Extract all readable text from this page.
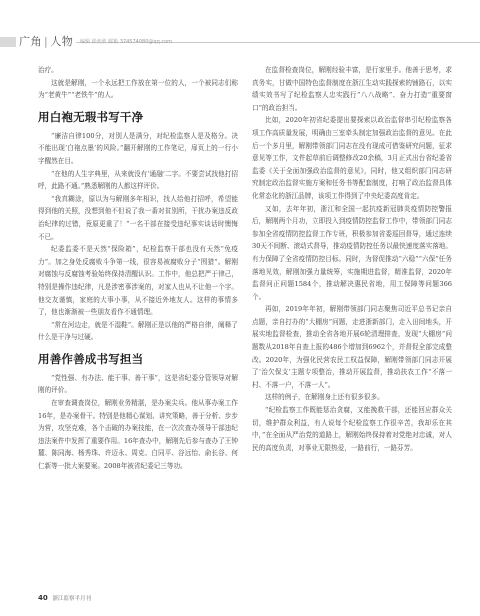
广角 | 人物	编辑 徐奕欣 邮箱 374574080@qq.com

治疗。

这就是解刚，一个永远把工作放在第一位的人，一个被同志们称为“老黄牛”“老铁牛”的人。

用白袍无瑕书写干净

“廉洁自律100分，对别人是满分，对纪检监察人是及格分。决不能出现‘白袍点墨’的风险。”翻开解刚的工作笔记，扉页上的一行小字醒然在目。

“在他的人生字典里，从来就没有‘通融’二字。不要尝试找他打招呼，此路不通。”熟悉解刚的人都这样评价。

“我真糊涂，原以为与解刚多年相识，找人给他打招呼，希望能得到他的关照，没想到他不但说了我一番对贫别所，干扰办案违反政治纪律的过错，竟原更重了！”一名干部在接受违纪事实谈话时懊悔不已。

纪委监委不是天然“保险箱”，纪检监察干部也没有天然“免疫力”。加之身处反腐败斗争第一线，很容易被腐败分子“围猎”。解刚对腐蚀与反腐蚀考验始终保持清醒认识。工作中，他总把严于律己，特别是操作违纪律，凡是涉密事涉案的，对家人也从不让他一个字。他交友谨慎，家庭的大事小事，从不接近外地友人。这样的事情多了，他也渐渐被一些朋友看作不通情理。

“常在河边走，就是不湿鞋”。解刚正是以他的严格自律，阐释了什么是干净与过硬。

用善作善成书写担当

“党性强、有办法、能干事、善干事”，这是省纪委分管领导对解刚的评价。

在审查调查岗位，解刚业务精湛，是办案尖兵。他从事办案工作16年，是办案骨干。特别是他精心谋划、讲究策略，善于分析、步步为营，攻坚克难，各个击破的办案技能，在一次次查办领导干部违纪违法案件中发挥了重要作用。16年查办中，解刚先后参与查办了王钟麓、陈同海、杨秀珠、许迈永、周克、白同平、谷远怡、俞长谷、何仁新等一批大案要案。2008年被省纪委记三等功。

在监督检查岗位，解刚经验丰富，是行家里手。他善于思考，求真务实，甘做中国特色监督制度在浙江生动实践探索的铺路石，以实绩实效书写了纪检监察人忠实践行“八八战略”、奋力打造“重要窗口”的政治担当。

比如，2020年初省纪委提出要探索以政治监督串引纪检监察各项工作高质量发展，明确由三室牵头制定加强政治监督的意见。在此后一个多月里，解刚带领部门同志在没有现成可借鉴研究问题，征求意见等工作，文件起草前后调整修改20余稿，3月正式出台省纪委省监委《关于全面加强政治监督的意见》，同时，他又组织部门同志研究制定政治监督实施方案和任务书等配套制度，打响了政治监督具体化常态化的浙江品牌，该项工作得到了中央纪委高度肯定。

又如，去年年初，浙江和全国一起抗疫新冠肺炎疫情防控警报后，解刚两个月功，立即投入到疫情防控监督工作中，带领部门同志参加全省疫情防控监督工作专班，积极参加省委巡回督导，通过连续30天不间断、滚动式督导，推动疫情防控任务以最快速度落实落地。有力保障了全省疫情防控目标。同时，为督促推动“六稳”“六保”任务落地见效，解刚加强力量统筹，实施期进监督，精准监督，2020年监督问正问题1584个，推动解决惠民省地，用工保障等问题366个。

再如，2019年年初，解刚带领部门同志聚焦司近平总书记亲自点题，亲自打办的“大棚房”问题，走进浙新部门，走入田间地头，开展实地监督检查，推动全省各地开展6轮清理排查，发现“大棚房”问题数从2018年自查上报的486个增加到6962个，并督促全部完成整改。2020年，为强化民营农民工权益保障，解刚带领部门同志开展了‘治欠保支’主题专项整治，推动开展监督，推动扶农工作“不落一村、不落一户，不落一人”。

这样的例子，在解刚身上还有很多很多。

“纪检监察工作既能惩治贪腐，又能挽救干部，还能回应群众关切，维护群众利益，有人说每个纪检监察工作很辛苦，我却乐在其中，”在全面从严治党的道路上，解刚始终保持着对党绝对忠诚，对人民的高度负责，对事业无限热爱，一路前行，一路芬芳。

40 浙江监察半月刊
